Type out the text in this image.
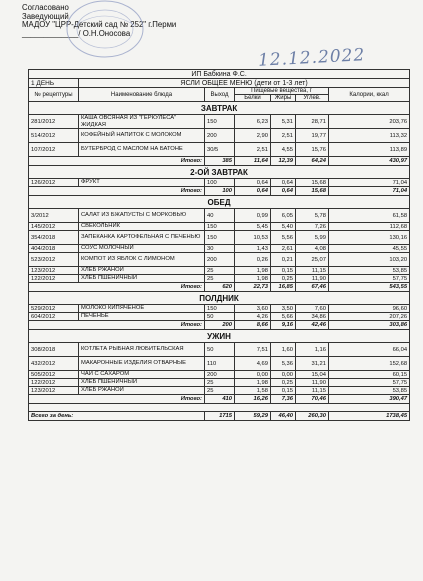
Согласовано
Заведующий
МАДОУ "ЦРР-Детский сад № 252" г.Перми
_____________/ О.Н.Оносова
12.12.2022
ИП Бабкина Ф.С.						
1 ДЕНЬ	ЯСЛИ ОБЩЕЕ МЕНЮ (дети от 1-3 лет)					
№ рецептуры	Наименование блюда	Выход	Пищевые вещества, г			Калории, ккал
			Белки	Жиры	Углев.	
ЗАВТРАК						
281/2012	КАША ОВСЯНАЯ ИЗ "ГЕРКУЛЕСА" ЖИДКАЯ	150	6,23	5,31	28,71	203,76
514/2012	КОФЕЙНЫЙ НАПИТОК С МОЛОКОМ	200	2,90	2,51	19,77	113,32
107/2012	БУТЕРБРОД С МАСЛОМ НА БАТОНЕ	30/5	2,51	4,55	15,76	113,89
Итого:		385	11,64	12,39	64,24	430,97
2-ОЙ ЗАВТРАК						
126/2012	ФРУКТ	100	0,64	0,64	15,68	71,04
Итого:		100	0,64	0,64	15,68	71,04
ОБЕД						
3/2012	САЛАТ ИЗ БЖАПУСТЫ С МОРКОВЬЮ	40	0,99	6,05	5,78	61,58
145/2012	СВЕКОЛЬНИК	150	5,45	5,40	7,26	112,68
354/2018	ЗАПЕКАНКА КАРТОФЕЛЬНАЯ С ПЕЧЕНЬЮ	150	10,53	5,56	5,99	130,16
404/2018	СОУС МОЛОЧНЫЙ	30	1,43	2,61	4,08	45,55
523/2012	КОМПОТ ИЗ ЯБЛОК С ЛИМОНОМ	200	0,26	0,21	25,07	103,20
123/2012	ХЛЕБ РЖАНОЙ	25	1,98	0,15	11,15	53,85
122/2012	ХЛЕБ ПШЕНИЧНЫЙ	25	1,98	0,25	11,90	57,75
Итого:		620	22,73	16,85	67,46	543,55
ПОЛДНИК						
529/2012	МОЛОКО КИПЯЧЕНОЕ	150	3,60	3,50	7,60	96,60
604/2012	ПЕЧЕНЬЕ	50	4,26	5,66	34,86	207,26
Итого:		200	8,66	9,16	42,46	303,86
УЖИН						
308/2018	КОТЛЕТА РЫБНАЯ ЛЮБИТЕЛЬСКАЯ	50	7,51	1,60	1,16	66,04
432/2012	МАКАРОННЫЕ ИЗДЕЛИЯ ОТВАРНЫЕ	110	4,69	5,36	31,21	152,68
505/2012	ЧАЙ С САХАРОМ	200	0,00	0,00	15,04	60,15
122/2012	ХЛЕБ ПШЕНИЧНЫЙ	25	1,98	0,25	11,90	57,75
123/2012	ХЛЕБ РЖАНОЙ	25	1,58	0,15	11,15	53,85
Итого:		410	16,26	7,36	70,46	390,47

Всего за день:		1715	59,29	46,40	260,30	1738,45
